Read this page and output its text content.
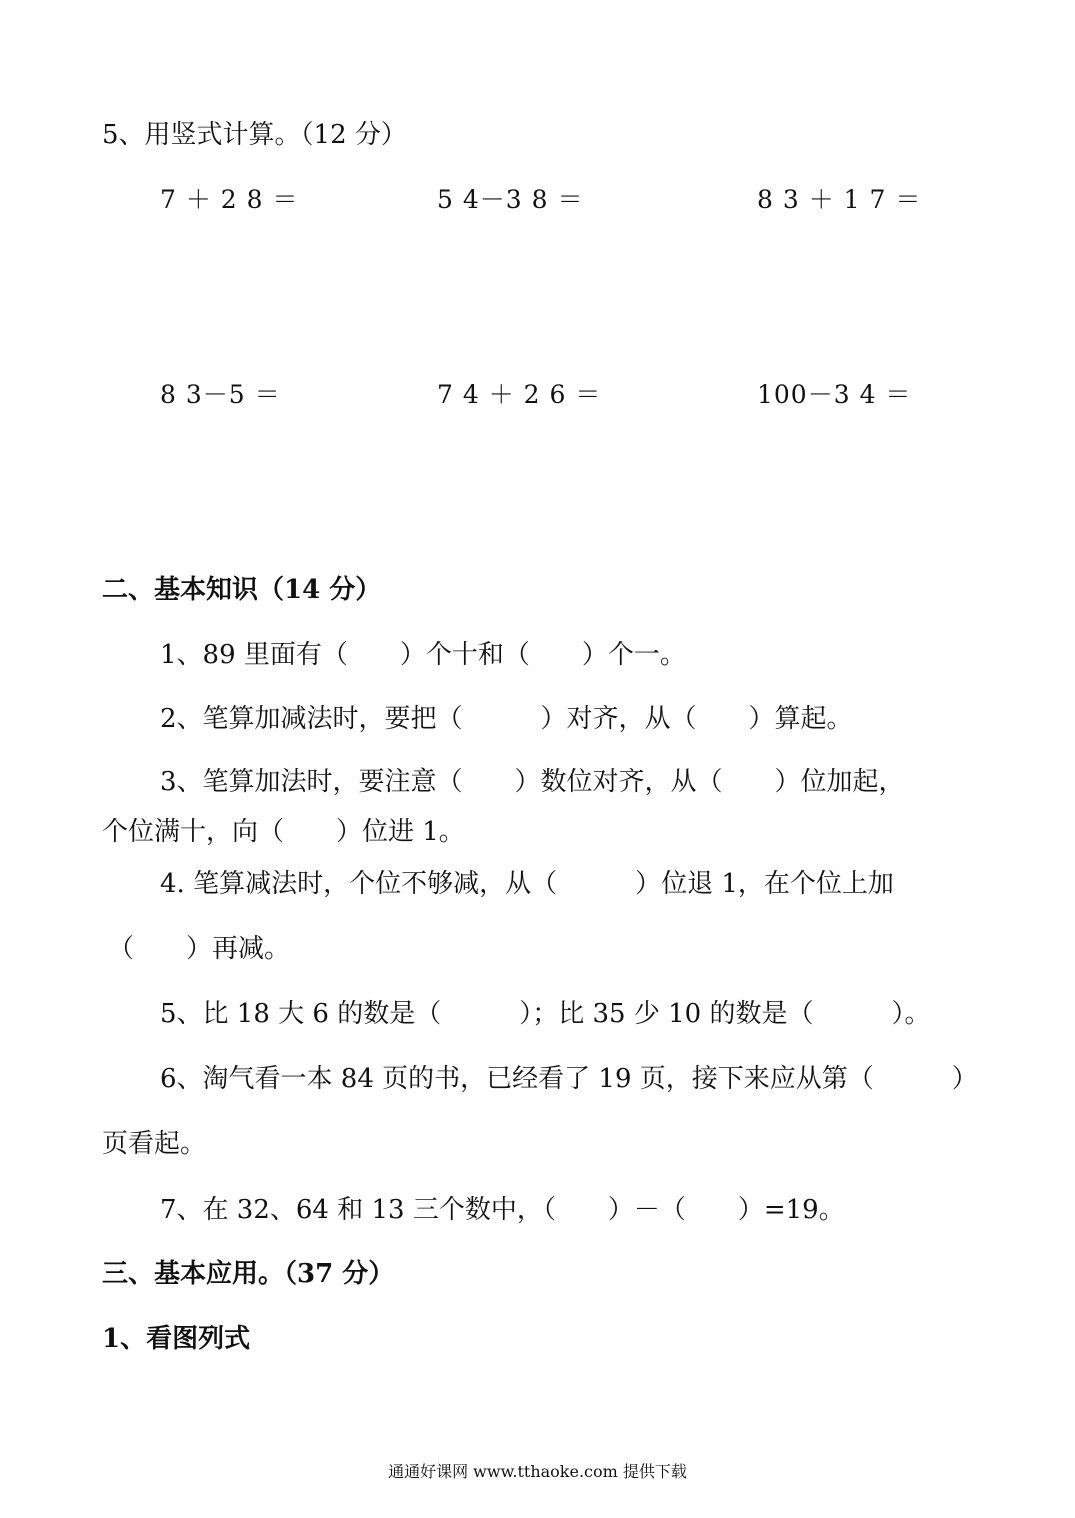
5、用竖式计算。（12 分）
7 ＋ 2 8 ＝	5 4－3 8 ＝	8 3 ＋ 1 7 ＝
8 3－5 ＝	7 4 ＋ 2 6 ＝	100－3 4 ＝
二、基本知识（14 分）
1、89 里面有（　　）个十和（　　）个一。
2、笔算加减法时，要把（　　　）对齐，从（　　）算起。
3、笔算加法时，要注意（　　）数位对齐，从（　　）位加起，
个位满十，向（　　）位进 1。
4. 笔算减法时，个位不够减，从（　　　）位退 1，在个位上加
（　　）再减。
5、比 18 大 6 的数是（　　　）；比 35 少 10 的数是（　　　）。
6、淘气看一本 84 页的书，已经看了 19 页，接下来应从第（　　　）
页看起。
7、在 32、64 和 13 三个数中，（　　）－（　　）=19。
三、基本应用。（37 分）
1、看图列式
通通好课网 www.tthaoke.com 提供下载
